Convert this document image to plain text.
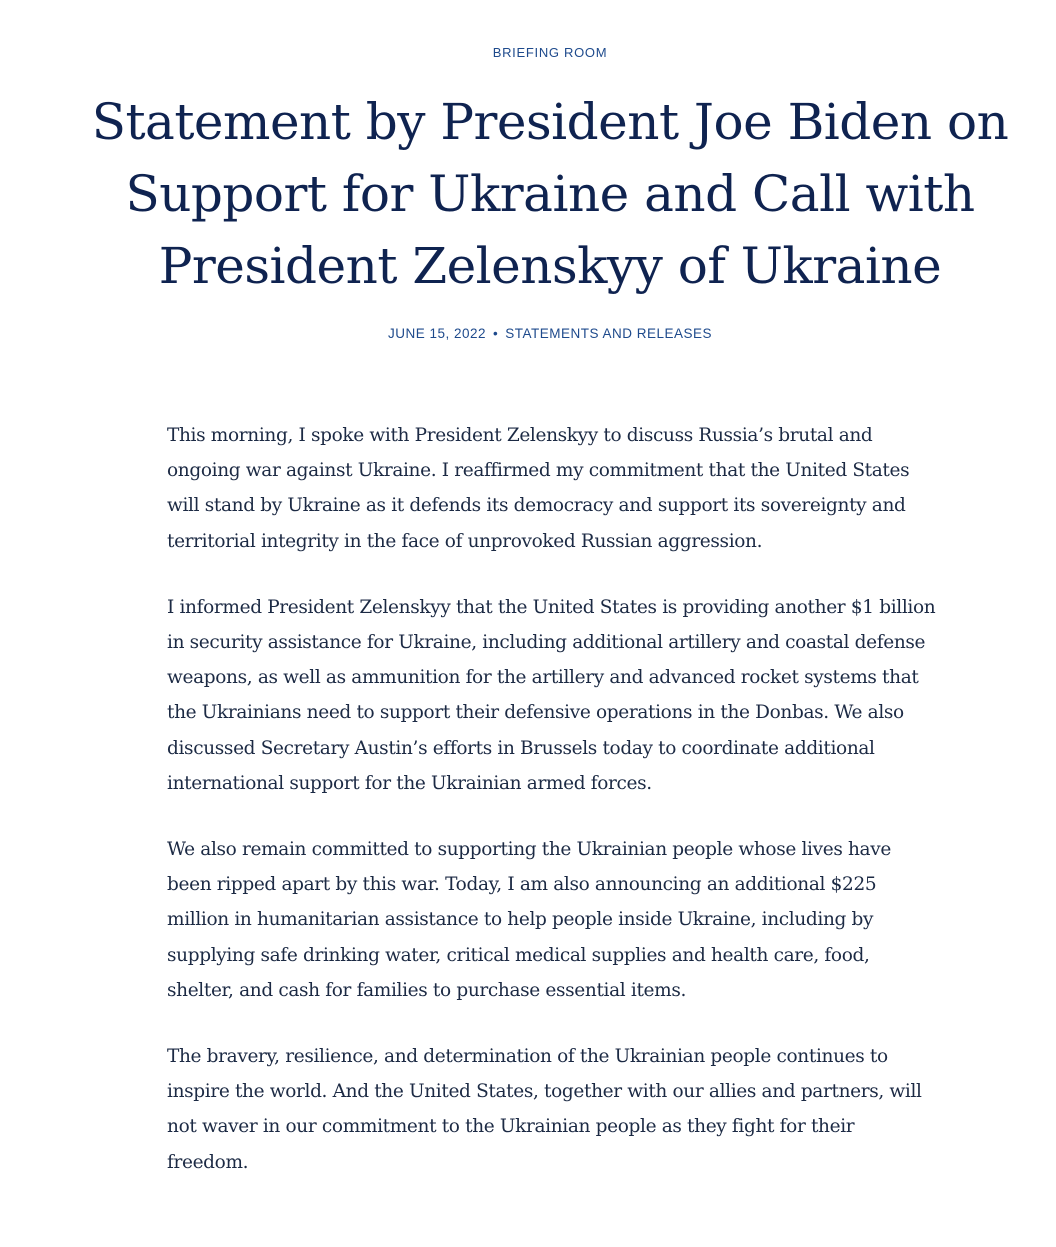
BRIEFING ROOM
Statement by President Joe Biden on Support for Ukraine and Call with President Zelenskyy of Ukraine
JUNE 15, 2022 • STATEMENTS AND RELEASES

This morning, I spoke with President Zelenskyy to discuss Russia’s brutal and ongoing war against Ukraine. I reaffirmed my commitment that the United States will stand by Ukraine as it defends its democracy and support its sovereignty and territorial integrity in the face of unprovoked Russian aggression.

I informed President Zelenskyy that the United States is providing another $1 billion in security assistance for Ukraine, including additional artillery and coastal defense weapons, as well as ammunition for the artillery and advanced rocket systems that the Ukrainians need to support their defensive operations in the Donbas. We also discussed Secretary Austin’s efforts in Brussels today to coordinate additional international support for the Ukrainian armed forces.

We also remain committed to supporting the Ukrainian people whose lives have been ripped apart by this war. Today, I am also announcing an additional $225 million in humanitarian assistance to help people inside Ukraine, including by supplying safe drinking water, critical medical supplies and health care, food, shelter, and cash for families to purchase essential items.

The bravery, resilience, and determination of the Ukrainian people continues to inspire the world. And the United States, together with our allies and partners, will not waver in our commitment to the Ukrainian people as they fight for their freedom.
